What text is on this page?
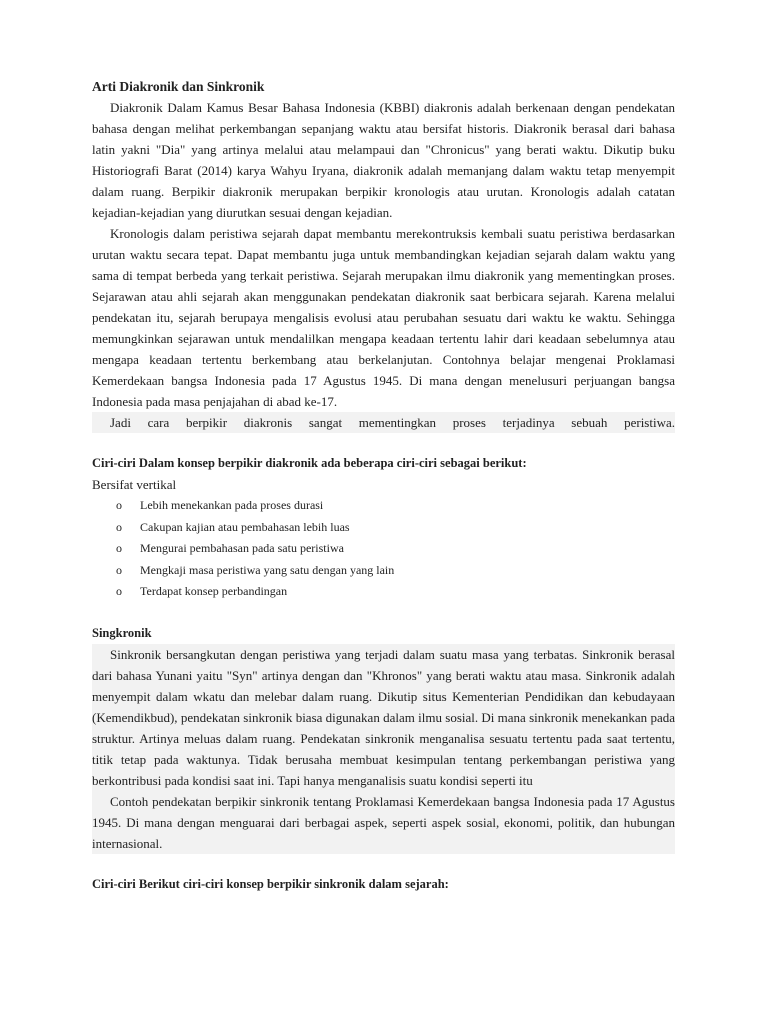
Arti Diakronik dan Sinkronik

Diakronik Dalam Kamus Besar Bahasa Indonesia (KBBI) diakronis adalah berkenaan dengan pendekatan bahasa dengan melihat perkembangan sepanjang waktu atau bersifat historis. Diakronik berasal dari bahasa latin yakni "Dia" yang artinya melalui atau melampaui dan "Chronicus" yang berati waktu. Dikutip buku Historiografi Barat (2014) karya Wahyu Iryana, diakronik adalah memanjang dalam waktu tetap menyempit dalam ruang. Berpikir diakronik merupakan berpikir kronologis atau urutan. Kronologis adalah catatan kejadian-kejadian yang diurutkan sesuai dengan kejadian.

Kronologis dalam peristiwa sejarah dapat membantu merekontruksis kembali suatu peristiwa berdasarkan urutan waktu secara tepat. Dapat membantu juga untuk membandingkan kejadian sejarah dalam waktu yang sama di tempat berbeda yang terkait peristiwa. Sejarah merupakan ilmu diakronik yang mementingkan proses. Sejarawan atau ahli sejarah akan menggunakan pendekatan diakronik saat berbicara sejarah. Karena melalui pendekatan itu, sejarah berupaya mengalisis evolusi atau perubahan sesuatu dari waktu ke waktu. Sehingga memungkinkan sejarawan untuk mendalilkan mengapa keadaan tertentu lahir dari keadaan sebelumnya atau mengapa keadaan tertentu berkembang atau berkelanjutan. Contohnya belajar mengenai Proklamasi Kemerdekaan bangsa Indonesia pada 17 Agustus 1945. Di mana dengan menelusuri perjuangan bangsa Indonesia pada masa penjajahan di abad ke-17.

Jadi cara berpikir diakronis sangat mementingkan proses terjadinya sebuah peristiwa.

Ciri-ciri Dalam konsep berpikir diakronik ada beberapa ciri-ciri sebagai berikut:

Bersifat vertikal

o Lebih menekankan pada proses durasi
o Cakupan kajian atau pembahasan lebih luas
o Mengurai pembahasan pada satu peristiwa
o Mengkaji masa peristiwa yang satu dengan yang lain
o Terdapat konsep perbandingan

Singkronik

Sinkronik bersangkutan dengan peristiwa yang terjadi dalam suatu masa yang terbatas. Sinkronik berasal dari bahasa Yunani yaitu "Syn" artinya dengan dan "Khronos" yang berati waktu atau masa. Sinkronik adalah menyempit dalam wkatu dan melebar dalam ruang. Dikutip situs Kementerian Pendidikan dan kebudayaan (Kemendikbud), pendekatan sinkronik biasa digunakan dalam ilmu sosial. Di mana sinkronik menekankan pada struktur. Artinya meluas dalam ruang. Pendekatan sinkronik menganalisa sesuatu tertentu pada saat tertentu, titik tetap pada waktunya. Tidak berusaha membuat kesimpulan tentang perkembangan peristiwa yang berkontribusi pada kondisi saat ini. Tapi hanya menganalisis suatu kondisi seperti itu

Contoh pendekatan berpikir sinkronik tentang Proklamasi Kemerdekaan bangsa Indonesia pada 17 Agustus 1945. Di mana dengan menguarai dari berbagai aspek, seperti aspek sosial, ekonomi, politik, dan hubungan internasional.

Ciri-ciri Berikut ciri-ciri konsep berpikir sinkronik dalam sejarah:
